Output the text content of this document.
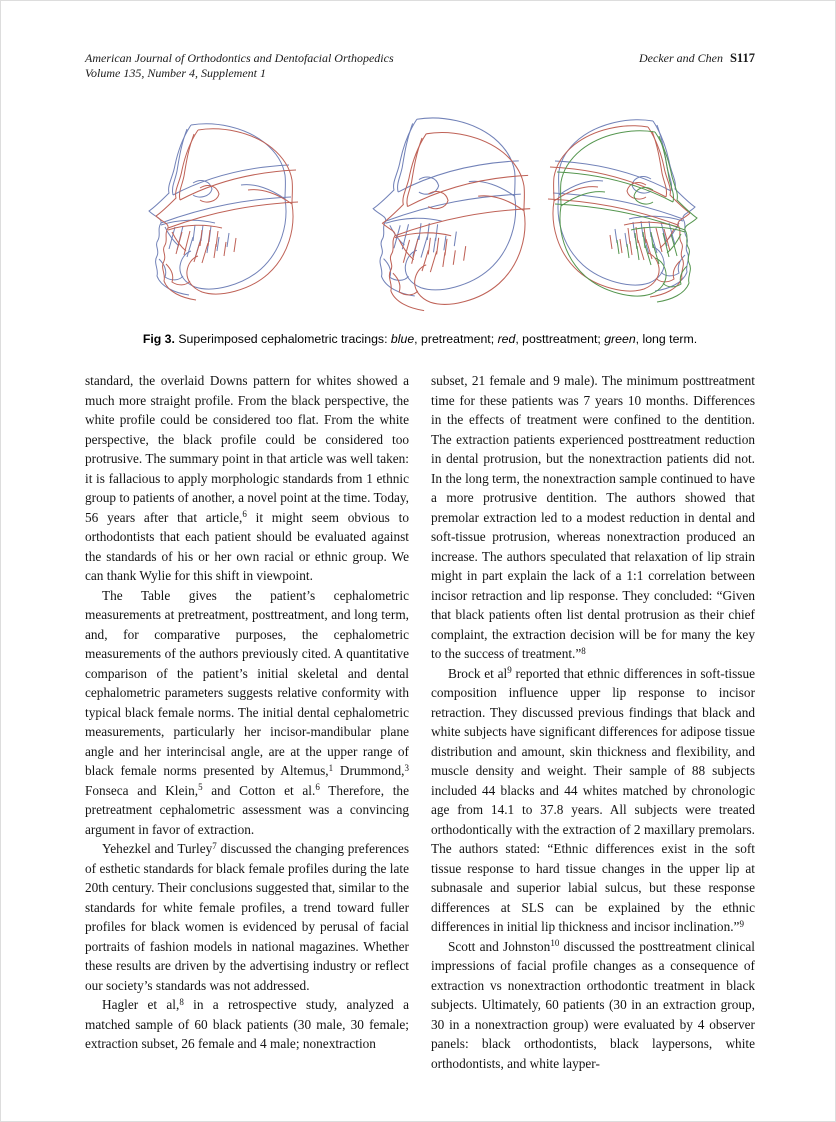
American Journal of Orthodontics and Dentofacial Orthopedics
Volume 135, Number 4, Supplement 1
Decker and Chen S117
Fig 3. Superimposed cephalometric tracings: blue, pretreatment; red, posttreatment; green, long term.

standard, the overlaid Downs pattern for whites showed a much more straight profile. From the black perspective, the white profile could be considered too flat. From the white perspective, the black profile could be considered too protrusive. The summary point in that article was well taken: it is fallacious to apply morphologic standards from 1 ethnic group to patients of another, a novel point at the time. Today, 56 years after that article,$^6$ it might seem obvious to orthodontists that each patient should be evaluated against the standards of his or her own racial or ethnic group. We can thank Wylie for this shift in viewpoint.

The Table gives the patient’s cephalometric measurements at pretreatment, posttreatment, and long term, and, for comparative purposes, the cephalometric measurements of the authors previously cited. A quantitative comparison of the patient’s initial skeletal and dental cephalometric parameters suggests relative conformity with typical black female norms. The initial dental cephalometric measurements, particularly her incisor-mandibular plane angle and her interincisal angle, are at the upper range of black female norms presented by Altemus,$^1$ Drummond,$^3$ Fonseca and Klein,$^5$ and Cotton et al.$^6$ Therefore, the pretreatment cephalometric assessment was a convincing argument in favor of extraction.

Yehezkel and Turley$^7$ discussed the changing preferences of esthetic standards for black female profiles during the late 20th century. Their conclusions suggested that, similar to the standards for white female profiles, a trend toward fuller profiles for black women is evidenced by perusal of facial portraits of fashion models in national magazines. Whether these results are driven by the advertising industry or reflect our society’s standards was not addressed.

Hagler et al,$^8$ in a retrospective study, analyzed a matched sample of 60 black patients (30 male, 30 female; extraction subset, 26 female and 4 male; nonextraction

subset, 21 female and 9 male). The minimum posttreatment time for these patients was 7 years 10 months. Differences in the effects of treatment were confined to the dentition. The extraction patients experienced posttreatment reduction in dental protrusion, but the nonextraction patients did not. In the long term, the nonextraction sample continued to have a more protrusive dentition. The authors showed that premolar extraction led to a modest reduction in dental and soft-tissue protrusion, whereas nonextraction produced an increase. The authors speculated that relaxation of lip strain might in part explain the lack of a 1:1 correlation between incisor retraction and lip response. They concluded: “Given that black patients often list dental protrusion as their chief complaint, the extraction decision will be for many the key to the success of treatment.”$^8$

Brock et $al^9$ reported that ethnic differences in soft-tissue composition influence upper lip response to incisor retraction. They discussed previous findings that black and white subjects have significant differences for adipose tissue distribution and amount, skin thickness and flexibility, and muscle density and weight. Their sample of 88 subjects included 44 blacks and 44 whites matched by chronologic age from 14.1 to 37.8 years. All subjects were treated orthodontically with the extraction of 2 maxillary premolars. The authors stated: “Ethnic differences exist in the soft tissue response to hard tissue changes in the upper lip at subnasale and superior labial sulcus, but these response differences at SLS can be explained by the ethnic differences in initial lip thickness and incisor inclination.”$^9$

Scott and Johnston$^{10}$ discussed the posttreatment clinical impressions of facial profile changes as a consequence of extraction vs nonextraction orthodontic treatment in black subjects. Ultimately, 60 patients (30 in an extraction group, 30 in a nonextraction group) were evaluated by 4 observer panels: black orthodontists, black laypersons, white orthodontists, and white layper-
